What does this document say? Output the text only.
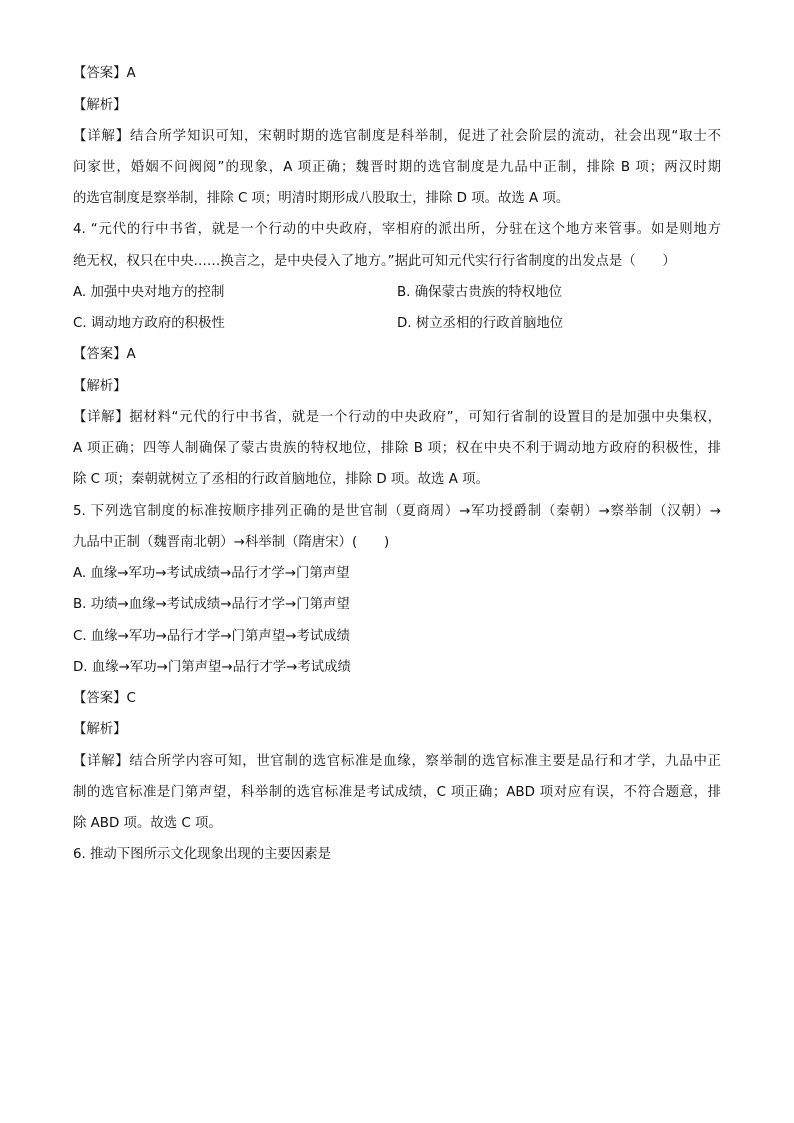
【答案】A
【解析】
【详解】结合所学知识可知，宋朝时期的选官制度是科举制，促进了社会阶层的流动，社会出现“取士不
问家世，婚姻不问阀阅”的现象，A 项正确；魏晋时期的选官制度是九品中正制，排除 B 项；两汉时期
的选官制度是察举制，排除 C 项；明清时期形成八股取士，排除 D 项。故选 A 项。
4. “元代的行中书省，就是一个行动的中央政府，宰相府的派出所，分驻在这个地方来管事。如是则地方
绝无权，权只在中央……换言之，是中央侵入了地方。”据此可知元代实行行省制度的出发点是（　　）
A. 加强中央对地方的控制	B. 确保蒙古贵族的特权地位
C. 调动地方政府的积极性	D. 树立丞相的行政首脑地位
【答案】A
【解析】
【详解】据材料“元代的行中书省，就是一个行动的中央政府”，可知行省制的设置目的是加强中央集权，
A 项正确；四等人制确保了蒙古贵族的特权地位，排除 B 项；权在中央不利于调动地方政府的积极性，排
除 C 项；秦朝就树立了丞相的行政首脑地位，排除 D 项。故选 A 项。
5. 下列选官制度的标准按顺序排列正确的是世官制（夏商周）→军功授爵制（秦朝）→察举制（汉朝）→
九品中正制（魏晋南北朝）→科举制（隋唐宋）(　　)
A. 血缘→军功→考试成绩→品行才学→门第声望
B. 功绩→血缘→考试成绩→品行才学→门第声望
C. 血缘→军功→品行才学→门第声望→考试成绩
D. 血缘→军功→门第声望→品行才学→考试成绩
【答案】C
【解析】
【详解】结合所学内容可知，世官制的选官标准是血缘，察举制的选官标准主要是品行和才学，九品中正
制的选官标准是门第声望，科举制的选官标准是考试成绩，C 项正确；ABD 项对应有误，不符合题意，排
除 ABD 项。故选 C 项。
6. 推动下图所示文化现象出现的主要因素是
